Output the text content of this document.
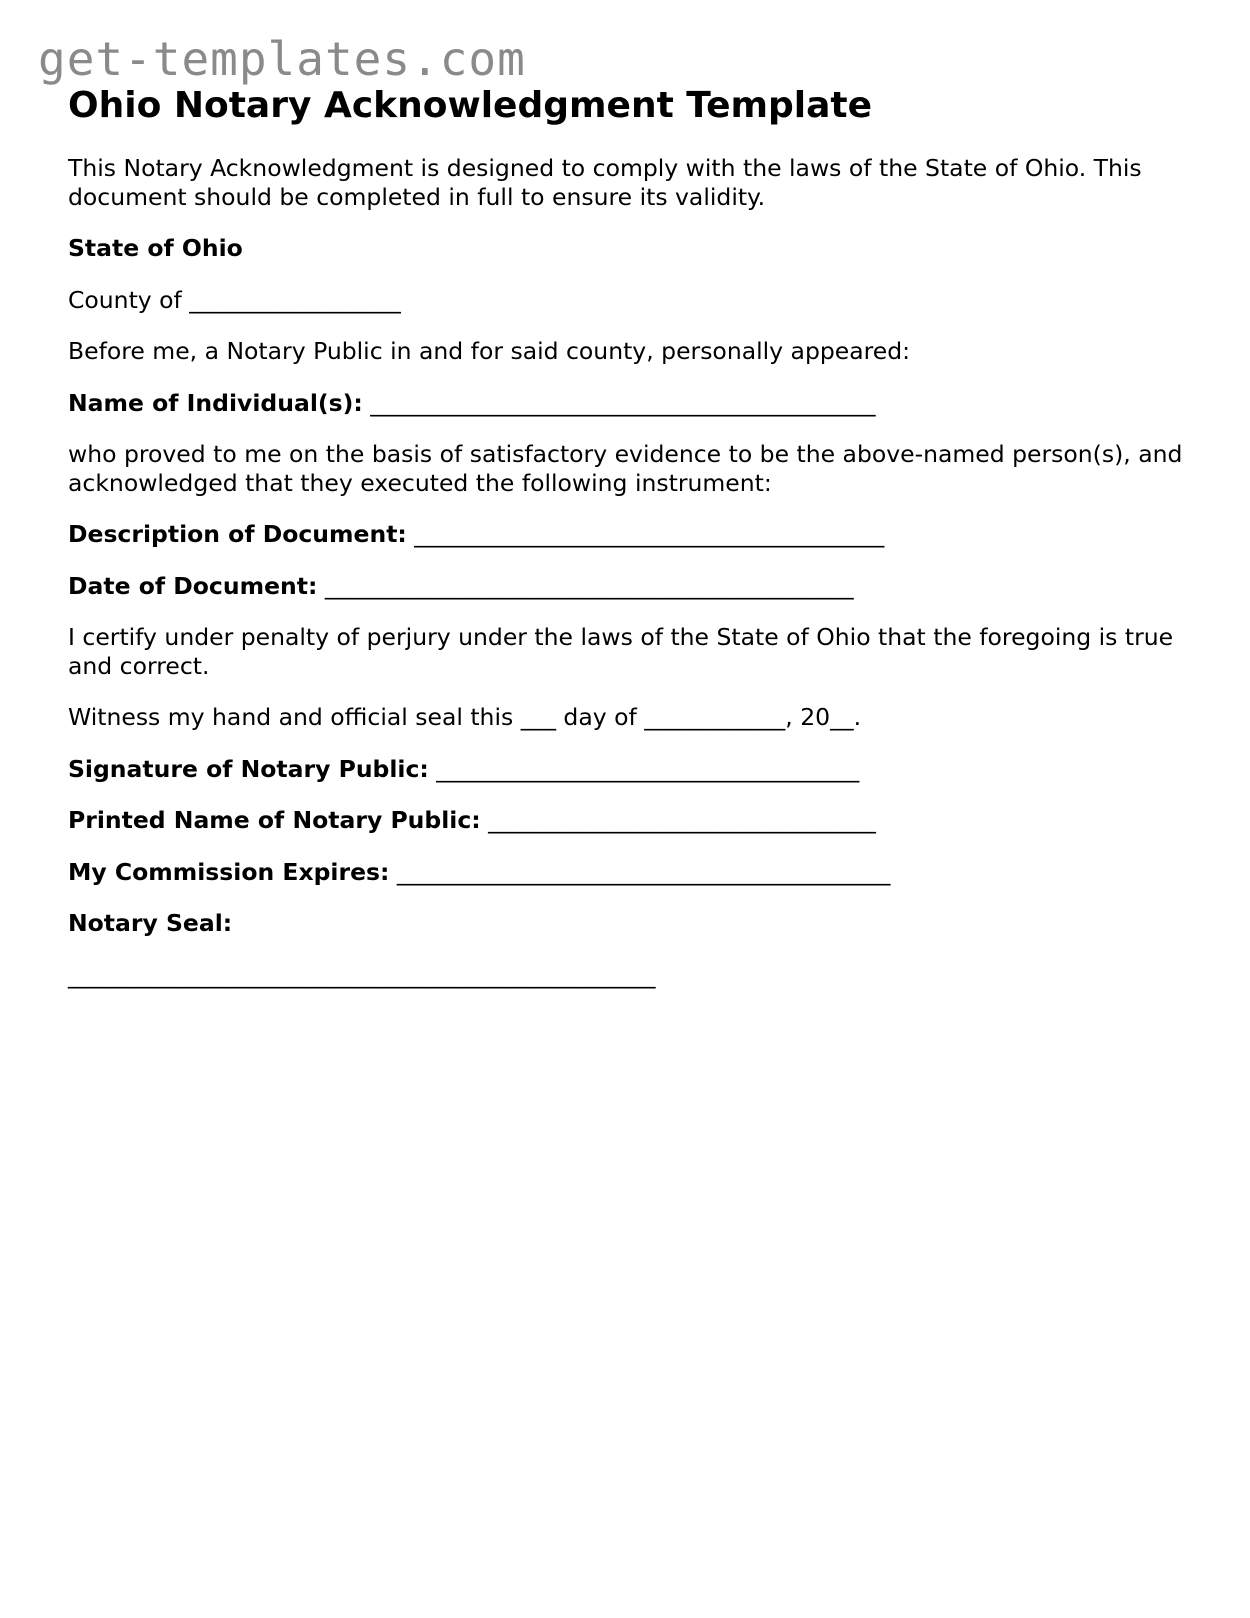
get-templates.com
Ohio Notary Acknowledgment Template
This Notary Acknowledgment is designed to comply with the laws of the State of Ohio. This document should be completed in full to ensure its validity.
State of Ohio
County of __________________
Before me, a Notary Public in and for said county, personally appeared:
Name of Individual(s): ___________________________________________
who proved to me on the basis of satisfactory evidence to be the above-named person(s), and acknowledged that they executed the following instrument:
Description of Document: ________________________________________
Date of Document: _____________________________________________
I certify under penalty of perjury under the laws of the State of Ohio that the foregoing is true and correct.
Witness my hand and official seal this ___ day of ____________, 20__.
Signature of Notary Public: ____________________________________
Printed Name of Notary Public: _________________________________
My Commission Expires: __________________________________________
Notary Seal:
__________________________________________________
